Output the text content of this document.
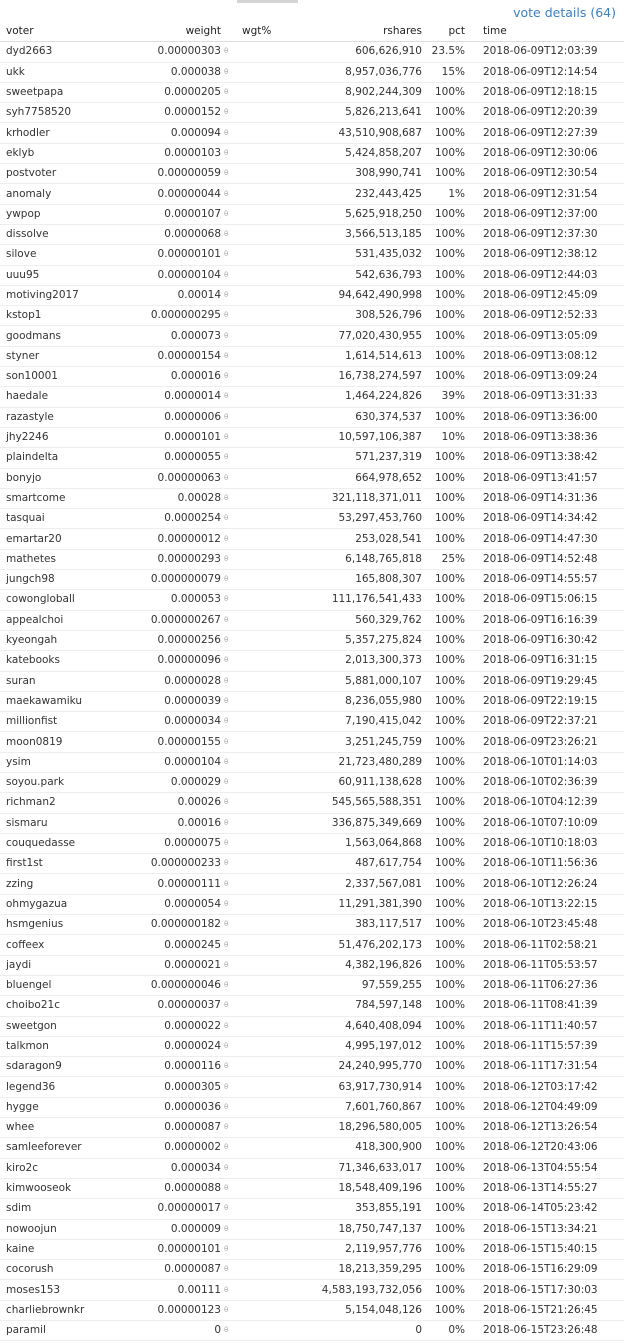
vote details (64)
voter	weight		wgt%	rshares	pct	time
dyd2663	0.00000303	θ		606,626,910	23.5%	2018-06-09T12:03:39
ukk	0.000038	θ		8,957,036,776	15%	2018-06-09T12:14:54
sweetpapa	0.0000205	θ		8,902,244,309	100%	2018-06-09T12:18:15
syh7758520	0.0000152	θ		5,826,213,641	100%	2018-06-09T12:20:39
krhodler	0.000094	θ		43,510,908,687	100%	2018-06-09T12:27:39
eklyb	0.0000103	θ		5,424,858,207	100%	2018-06-09T12:30:06
postvoter	0.00000059	θ		308,990,741	100%	2018-06-09T12:30:54
anomaly	0.00000044	θ		232,443,425	1%	2018-06-09T12:31:54
ywpop	0.0000107	θ		5,625,918,250	100%	2018-06-09T12:37:00
dissolve	0.0000068	θ		3,566,513,185	100%	2018-06-09T12:37:30
silove	0.00000101	θ		531,435,032	100%	2018-06-09T12:38:12
uuu95	0.00000104	θ		542,636,793	100%	2018-06-09T12:44:03
motiving2017	0.00014	θ		94,642,490,998	100%	2018-06-09T12:45:09
kstop1	0.000000295	θ		308,526,796	100%	2018-06-09T12:52:33
goodmans	0.000073	θ		77,020,430,955	100%	2018-06-09T13:05:09
styner	0.00000154	θ		1,614,514,613	100%	2018-06-09T13:08:12
son10001	0.000016	θ		16,738,274,597	100%	2018-06-09T13:09:24
haedale	0.0000014	θ		1,464,224,826	39%	2018-06-09T13:31:33
razastyle	0.0000006	θ		630,374,537	100%	2018-06-09T13:36:00
jhy2246	0.0000101	θ		10,597,106,387	10%	2018-06-09T13:38:36
plaindelta	0.0000055	θ		571,237,319	100%	2018-06-09T13:38:42
bonyjo	0.00000063	θ		664,978,652	100%	2018-06-09T13:41:57
smartcome	0.00028	θ		321,118,371,011	100%	2018-06-09T14:31:36
tasquai	0.0000254	θ		53,297,453,760	100%	2018-06-09T14:34:42
emartar20	0.00000012	θ		253,028,541	100%	2018-06-09T14:47:30
mathetes	0.00000293	θ		6,148,765,818	25%	2018-06-09T14:52:48
jungch98	0.000000079	θ		165,808,307	100%	2018-06-09T14:55:57
cowongloball	0.000053	θ		111,176,541,433	100%	2018-06-09T15:06:15
appealchoi	0.000000267	θ		560,329,762	100%	2018-06-09T16:16:39
kyeongah	0.00000256	θ		5,357,275,824	100%	2018-06-09T16:30:42
katebooks	0.00000096	θ		2,013,300,373	100%	2018-06-09T16:31:15
suran	0.0000028	θ		5,881,000,107	100%	2018-06-09T19:29:45
maekawamiku	0.0000039	θ		8,236,055,980	100%	2018-06-09T22:19:15
millionfist	0.0000034	θ		7,190,415,042	100%	2018-06-09T22:37:21
moon0819	0.00000155	θ		3,251,245,759	100%	2018-06-09T23:26:21
ysim	0.0000104	θ		21,723,480,289	100%	2018-06-10T01:14:03
soyou.park	0.000029	θ		60,911,138,628	100%	2018-06-10T02:36:39
richman2	0.00026	θ		545,565,588,351	100%	2018-06-10T04:12:39
sismaru	0.00016	θ		336,875,349,669	100%	2018-06-10T07:10:09
couquedasse	0.0000075	θ		1,563,064,868	100%	2018-06-10T10:18:03
first1st	0.000000233	θ		487,617,754	100%	2018-06-10T11:56:36
zzing	0.00000111	θ		2,337,567,081	100%	2018-06-10T12:26:24
ohmygazua	0.0000054	θ		11,291,381,390	100%	2018-06-10T13:22:15
hsmgenius	0.000000182	θ		383,117,517	100%	2018-06-10T23:45:48
coffeex	0.0000245	θ		51,476,202,173	100%	2018-06-11T02:58:21
jaydi	0.0000021	θ		4,382,196,826	100%	2018-06-11T05:53:57
bluengel	0.000000046	θ		97,559,255	100%	2018-06-11T06:27:36
choibo21c	0.00000037	θ		784,597,148	100%	2018-06-11T08:41:39
sweetgon	0.0000022	θ		4,640,408,094	100%	2018-06-11T11:40:57
talkmon	0.0000024	θ		4,995,197,012	100%	2018-06-11T15:57:39
sdaragon9	0.0000116	θ		24,240,995,770	100%	2018-06-11T17:31:54
legend36	0.0000305	θ		63,917,730,914	100%	2018-06-12T03:17:42
hygge	0.0000036	θ		7,601,760,867	100%	2018-06-12T04:49:09
whee	0.0000087	θ		18,296,580,005	100%	2018-06-12T13:26:54
samleeforever	0.0000002	θ		418,300,900	100%	2018-06-12T20:43:06
kiro2c	0.000034	θ		71,346,633,017	100%	2018-06-13T04:55:54
kimwooseok	0.0000088	θ		18,548,409,196	100%	2018-06-13T14:55:27
sdim	0.00000017	θ		353,855,191	100%	2018-06-14T05:23:42
nowoojun	0.000009	θ		18,750,747,137	100%	2018-06-15T13:34:21
kaine	0.00000101	θ		2,119,957,776	100%	2018-06-15T15:40:15
cocorush	0.0000087	θ		18,213,359,295	100%	2018-06-15T16:29:09
moses153	0.00111	θ		4,583,193,732,056	100%	2018-06-15T17:30:03
charliebrownkr	0.00000123	θ		5,154,048,126	100%	2018-06-15T21:26:45
paramil	0	θ		0	0%	2018-06-15T23:26:48
